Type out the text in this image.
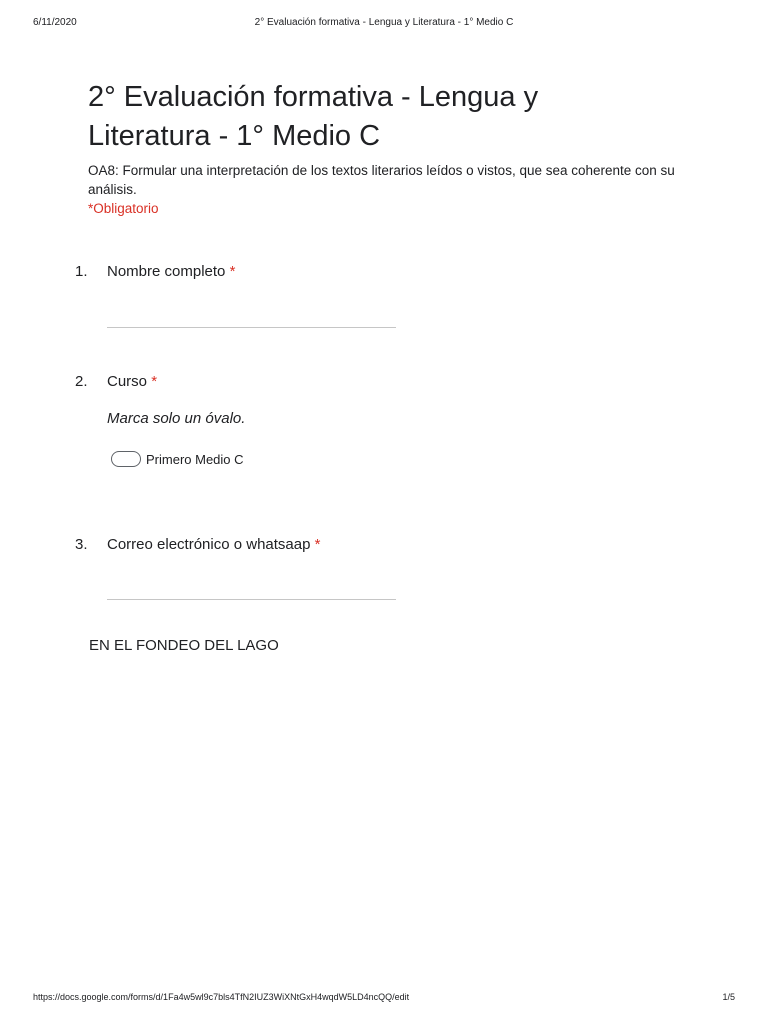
6/11/2020	2° Evaluación formativa - Lengua y Literatura - 1° Medio C
2° Evaluación formativa - Lengua y Literatura - 1° Medio C
OA8: Formular una interpretación de los textos literarios leídos o vistos, que sea coherente con su análisis.
*Obligatorio
1.	Nombre completo *
2.	Curso *
Marca solo un óvalo.
Primero Medio C
3.	Correo electrónico o whatsaap *
EN EL FONDEO DEL LAGO
https://docs.google.com/forms/d/1Fa4w5wl9c7bls4TfN2IUZ3WiXNtGxH4wqdW5LD4ncQQ/edit	1/5
